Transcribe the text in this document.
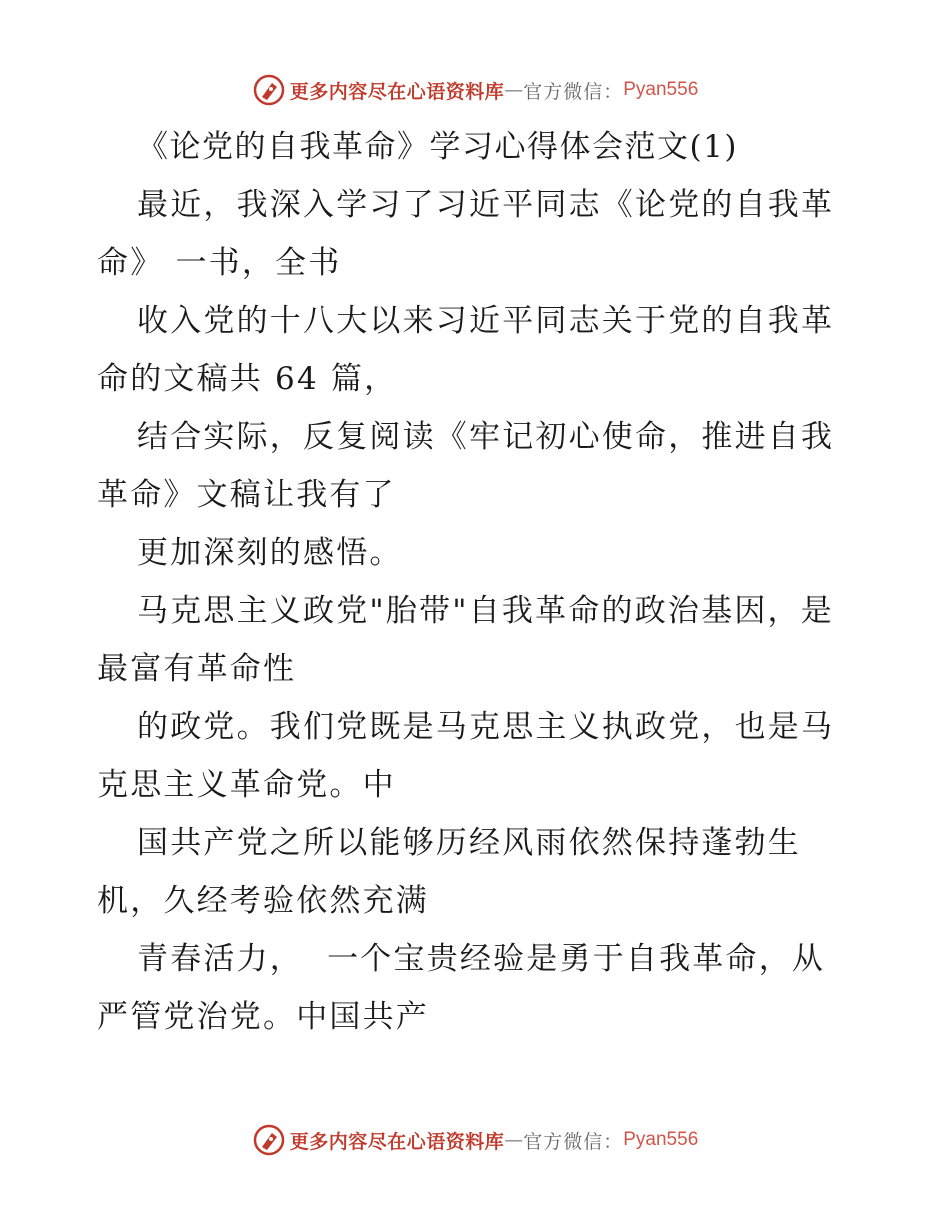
更多内容尽在心语资料库 — 官方微信： Pyan556
《论党的自我革命》学习心得体会范文(1)
最近，我深入学习了习近平同志《论党的自我革
命》 一书，全书
收入党的十八大以来习近平同志关于党的自我革
命的文稿共 64 篇，
结合实际，反复阅读《牢记初心使命，推进自我
革命》文稿让我有了
更加深刻的感悟。
马克思主义政党"胎带"自我革命的政治基因，是
最富有革命性
的政党。我们党既是马克思主义执政党，也是马
克思主义革命党。中
国共产党之所以能够历经风雨依然保持蓬勃生
机，久经考验依然充满
青春活力，  一个宝贵经验是勇于自我革命，从
严管党治党。中国共产
更多内容尽在心语资料库 — 官方微信： Pyan556
